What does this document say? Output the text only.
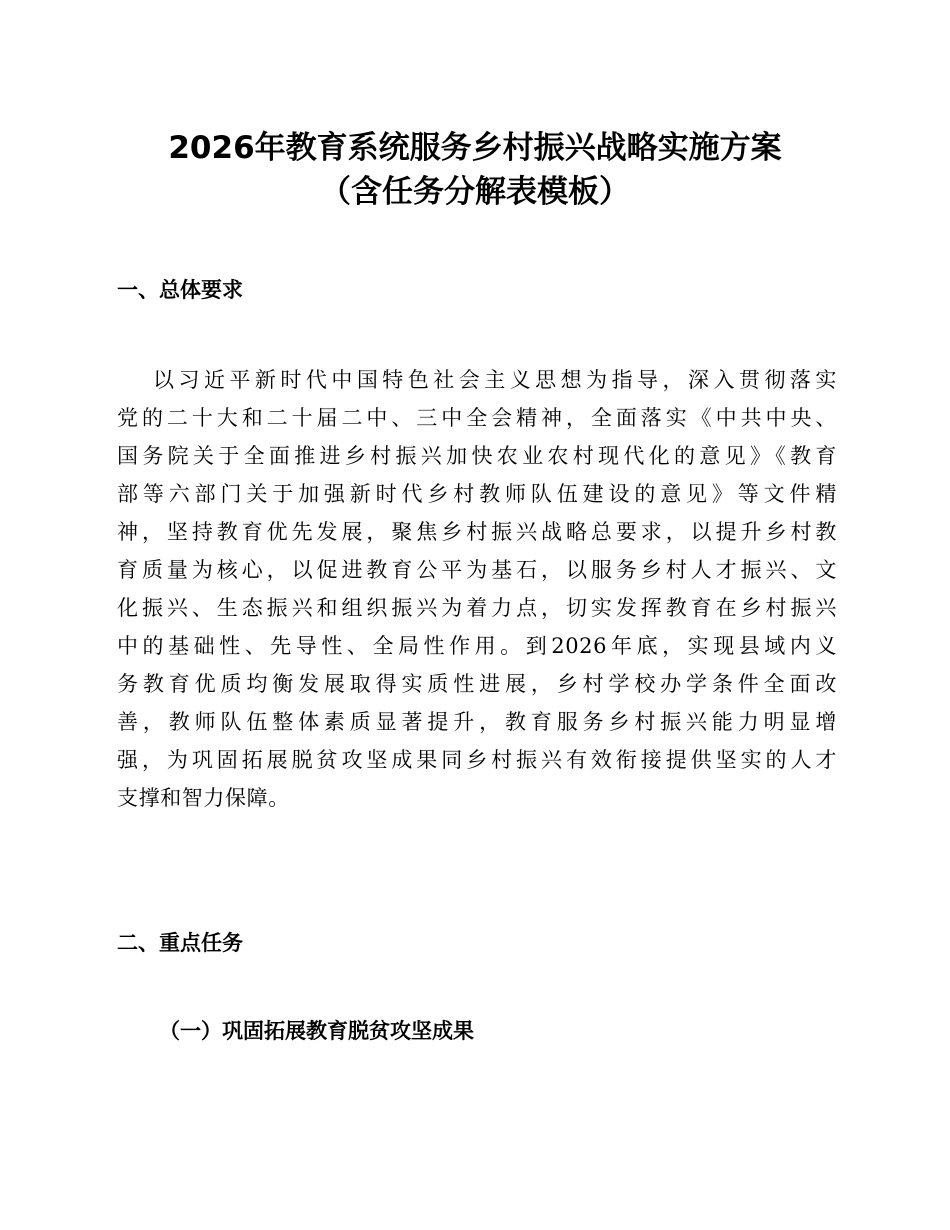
2026年教育系统服务乡村振兴战略实施方案
（含任务分解表模板）
一、总体要求
以习近平新时代中国特色社会主义思想为指导，深入贯彻落实
党的二十大和二十届二中、三中全会精神，全面落实《中共中央、
国务院关于全面推进乡村振兴加快农业农村现代化的意见》《教育
部等六部门关于加强新时代乡村教师队伍建设的意见》等文件精
神，坚持教育优先发展，聚焦乡村振兴战略总要求，以提升乡村教
育质量为核心，以促进教育公平为基石，以服务乡村人才振兴、文
化振兴、生态振兴和组织振兴为着力点，切实发挥教育在乡村振兴
中的基础性、先导性、全局性作用。到2026年底，实现县域内义
务教育优质均衡发展取得实质性进展，乡村学校办学条件全面改
善，教师队伍整体素质显著提升，教育服务乡村振兴能力明显增
强，为巩固拓展脱贫攻坚成果同乡村振兴有效衔接提供坚实的人才
支撑和智力保障。
二、重点任务
（一）巩固拓展教育脱贫攻坚成果
